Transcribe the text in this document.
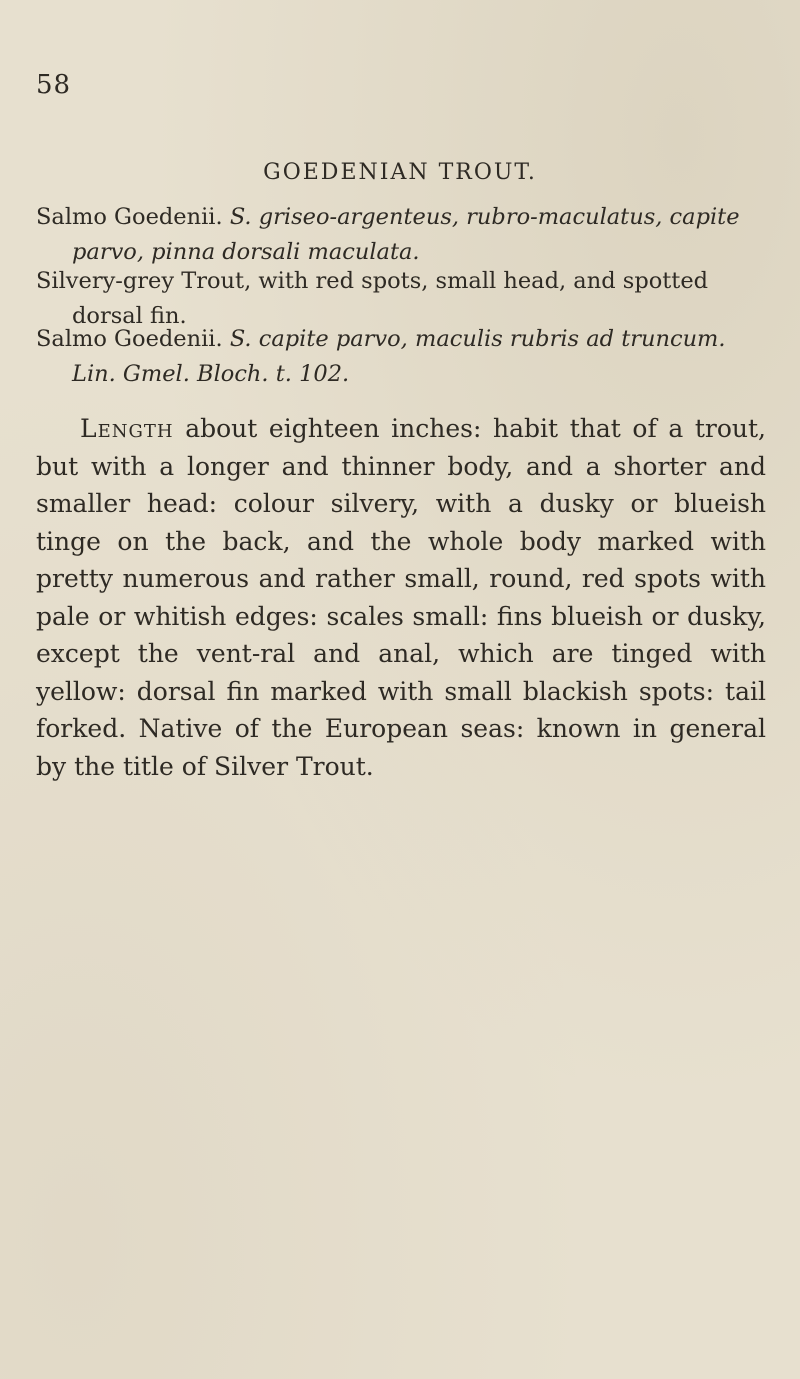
58
GOEDENIAN TROUT.
Salmo Goedenii. S. griseo-argenteus, rubro-maculatus, capite
parvo, pinna dorsali maculata.
Silvery-grey Trout, with red spots, small head, and spotted
dorsal fin.
Salmo Goedenii. S. capite parvo, maculis rubris ad truncum.
Lin. Gmel. Bloch. t. 102.
Length about eighteen inches: habit that of a trout, but with a longer and thinner body, and a shorter and smaller head: colour silvery, with a dusky or blueish tinge on the back, and the whole body marked with pretty numerous and rather small, round, red spots with pale or whitish edges: scales small: fins blueish or dusky, except the vent-ral and anal, which are tinged with yellow: dorsal fin marked with small blackish spots: tail forked. Native of the European seas: known in general by the title of Silver Trout.
